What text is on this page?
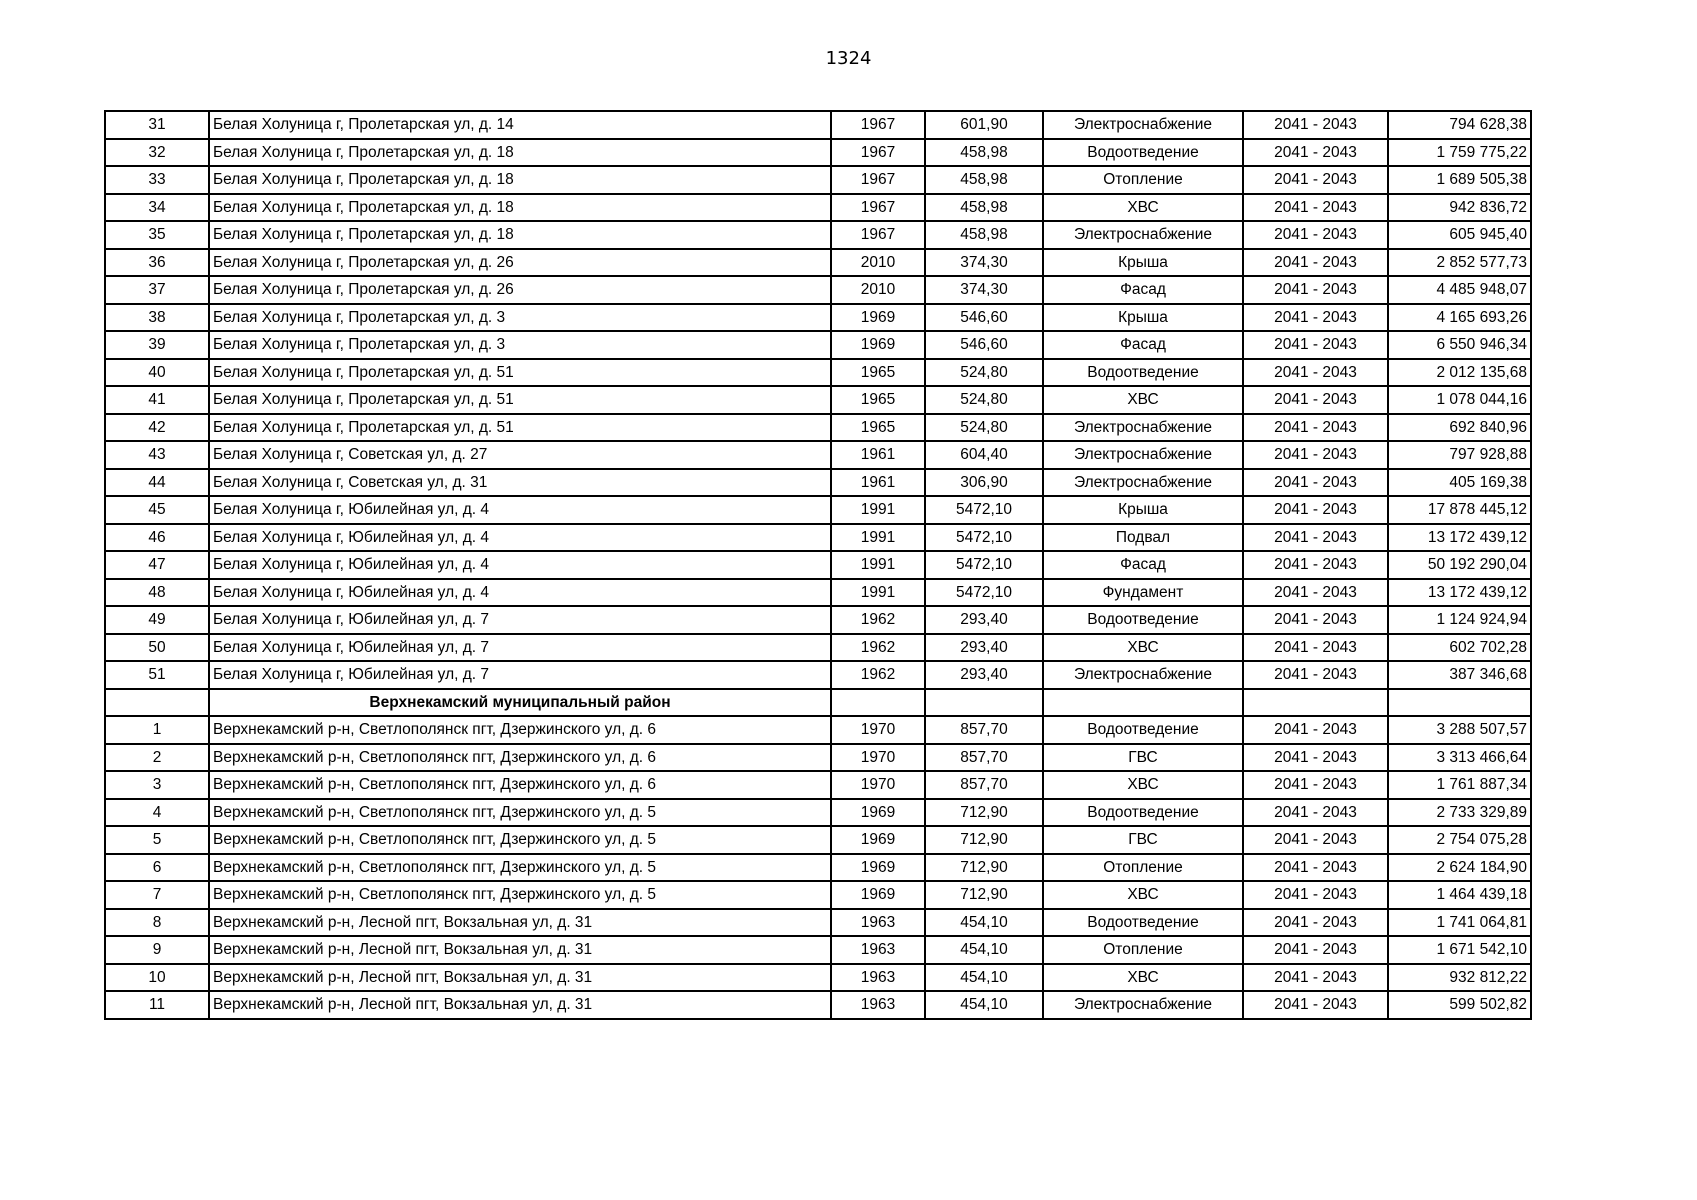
1324
31	Белая Холуница г, Пролетарская ул, д. 14	1967	601,90	Электроснабжение	2041 - 2043	794 628,38
32	Белая Холуница г, Пролетарская ул, д. 18	1967	458,98	Водоотведение	2041 - 2043	1 759 775,22
33	Белая Холуница г, Пролетарская ул, д. 18	1967	458,98	Отопление	2041 - 2043	1 689 505,38
34	Белая Холуница г, Пролетарская ул, д. 18	1967	458,98	ХВС	2041 - 2043	942 836,72
35	Белая Холуница г, Пролетарская ул, д. 18	1967	458,98	Электроснабжение	2041 - 2043	605 945,40
36	Белая Холуница г, Пролетарская ул, д. 26	2010	374,30	Крыша	2041 - 2043	2 852 577,73
37	Белая Холуница г, Пролетарская ул, д. 26	2010	374,30	Фасад	2041 - 2043	4 485 948,07
38	Белая Холуница г, Пролетарская ул, д. 3	1969	546,60	Крыша	2041 - 2043	4 165 693,26
39	Белая Холуница г, Пролетарская ул, д. 3	1969	546,60	Фасад	2041 - 2043	6 550 946,34
40	Белая Холуница г, Пролетарская ул, д. 51	1965	524,80	Водоотведение	2041 - 2043	2 012 135,68
41	Белая Холуница г, Пролетарская ул, д. 51	1965	524,80	ХВС	2041 - 2043	1 078 044,16
42	Белая Холуница г, Пролетарская ул, д. 51	1965	524,80	Электроснабжение	2041 - 2043	692 840,96
43	Белая Холуница г, Советская ул, д. 27	1961	604,40	Электроснабжение	2041 - 2043	797 928,88
44	Белая Холуница г, Советская ул, д. 31	1961	306,90	Электроснабжение	2041 - 2043	405 169,38
45	Белая Холуница г, Юбилейная ул, д. 4	1991	5472,10	Крыша	2041 - 2043	17 878 445,12
46	Белая Холуница г, Юбилейная ул, д. 4	1991	5472,10	Подвал	2041 - 2043	13 172 439,12
47	Белая Холуница г, Юбилейная ул, д. 4	1991	5472,10	Фасад	2041 - 2043	50 192 290,04
48	Белая Холуница г, Юбилейная ул, д. 4	1991	5472,10	Фундамент	2041 - 2043	13 172 439,12
49	Белая Холуница г, Юбилейная ул, д. 7	1962	293,40	Водоотведение	2041 - 2043	1 124 924,94
50	Белая Холуница г, Юбилейная ул, д. 7	1962	293,40	ХВС	2041 - 2043	602 702,28
51	Белая Холуница г, Юбилейная ул, д. 7	1962	293,40	Электроснабжение	2041 - 2043	387 346,68
	Верхнекамский муниципальный район					
1	Верхнекамский р-н, Светлополянск пгт, Дзержинского ул, д. 6	1970	857,70	Водоотведение	2041 - 2043	3 288 507,57
2	Верхнекамский р-н, Светлополянск пгт, Дзержинского ул, д. 6	1970	857,70	ГВС	2041 - 2043	3 313 466,64
3	Верхнекамский р-н, Светлополянск пгт, Дзержинского ул, д. 6	1970	857,70	ХВС	2041 - 2043	1 761 887,34
4	Верхнекамский р-н, Светлополянск пгт, Дзержинского ул, д. 5	1969	712,90	Водоотведение	2041 - 2043	2 733 329,89
5	Верхнекамский р-н, Светлополянск пгт, Дзержинского ул, д. 5	1969	712,90	ГВС	2041 - 2043	2 754 075,28
6	Верхнекамский р-н, Светлополянск пгт, Дзержинского ул, д. 5	1969	712,90	Отопление	2041 - 2043	2 624 184,90
7	Верхнекамский р-н, Светлополянск пгт, Дзержинского ул, д. 5	1969	712,90	ХВС	2041 - 2043	1 464 439,18
8	Верхнекамский р-н, Лесной пгт, Вокзальная ул, д. 31	1963	454,10	Водоотведение	2041 - 2043	1 741 064,81
9	Верхнекамский р-н, Лесной пгт, Вокзальная ул, д. 31	1963	454,10	Отопление	2041 - 2043	1 671 542,10
10	Верхнекамский р-н, Лесной пгт, Вокзальная ул, д. 31	1963	454,10	ХВС	2041 - 2043	932 812,22
11	Верхнекамский р-н, Лесной пгт, Вокзальная ул, д. 31	1963	454,10	Электроснабжение	2041 - 2043	599 502,82
